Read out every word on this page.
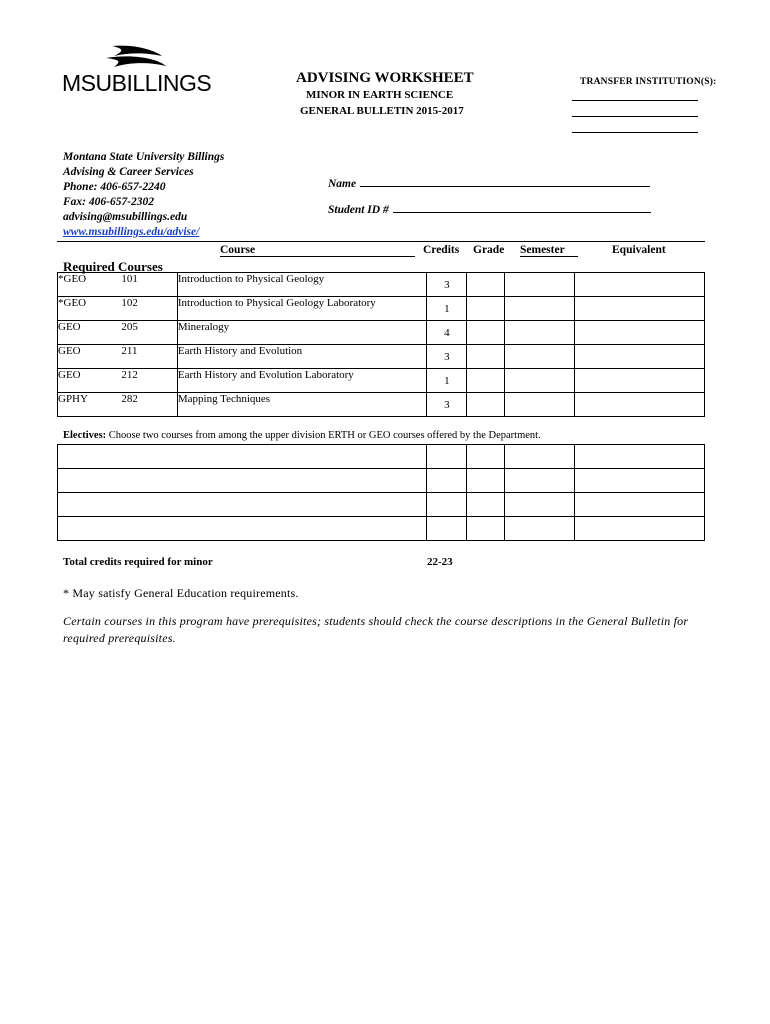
MSUBILLINGS	ADVISING WORKSHEET
MINOR IN EARTH SCIENCE
GENERAL BULLETIN 2015-2017
TRANSFER INSTITUTION(S):
Montana State University Billings
Advising & Career Services
Phone: 406-657-2240
Fax: 406-657-2302
advising@msubillings.edu
www.msubillings.edu/advise/
Name
Student ID #
Course	Credits Grade Semester	Equivalent
Required Courses
*GEO	101	Introduction to Physical Geology	3			
*GEO	102	Introduction to Physical Geology Laboratory	1			
GEO	205	Mineralogy	4			
GEO	211	Earth History and Evolution	3			
GEO	212	Earth History and Evolution Laboratory	1			
GPHY	282	Mapping Techniques	3			
Electives: Choose two courses from among the upper division ERTH or GEO courses offered by the Department.

Total credits required for minor	22-23
* May satisfy General Education requirements.
Certain courses in this program have prerequisites; students should check the course descriptions in the General Bulletin for required prerequisites.
